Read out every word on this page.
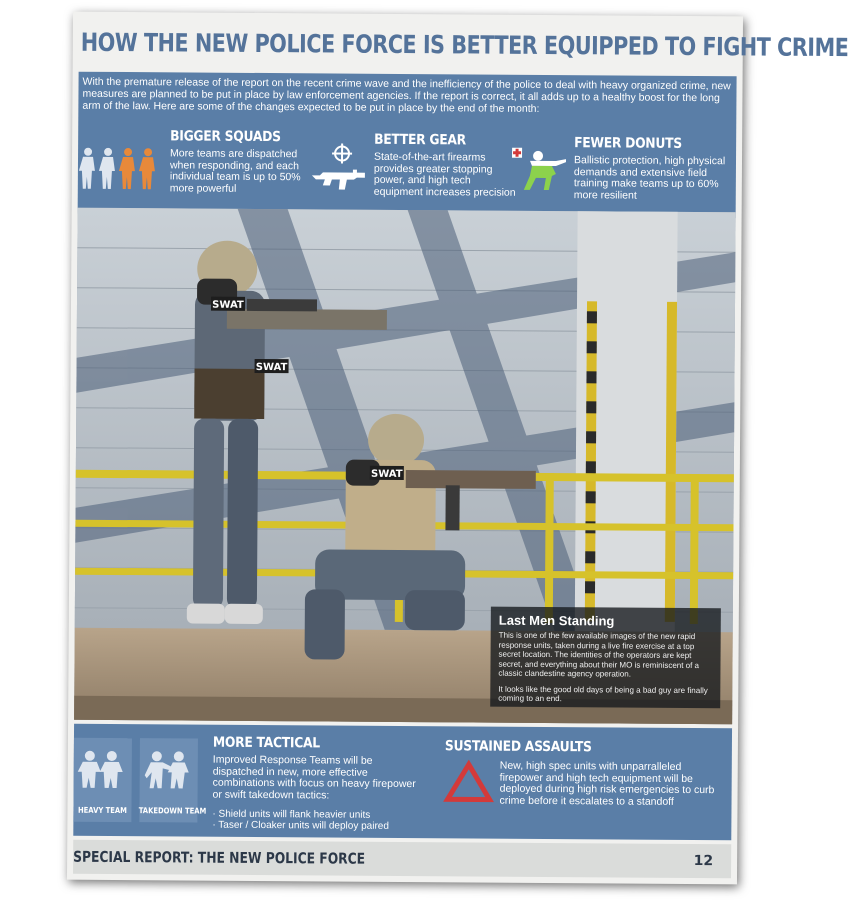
HOW THE NEW POLICE FORCE IS BETTER EQUIPPED TO FIGHT CRIME
With the premature release of the report on the recent crime wave and the inefficiency of the police to deal with heavy organized crime, new measures are planned to be put in place by law enforcement agencies. If the report is correct, it all adds up to a healthy boost for the long arm of the law. Here are some of the changes expected to be put in place by the end of the month:
BIGGER SQUADS

More teams are dispatched when responding, and each individual team is up to 50% more powerful

BETTER GEAR

State-of-the-art firearms provides greater stopping power, and high tech equipment increases precision

FEWER DONUTS

Ballistic protection, high physical demands and extensive field training make teams up to 60% more resilient

SWAT
SWAT
SWAT
Last Men Standing

This is one of the few available images of the new rapid response units, taken during a live fire exercise at a top secret location. The identities of the operators are kept secret, and everything about their MO is reminiscent of a classic clandestine agency operation.

It looks like the good old days of being a bad guy are finally coming to an end.

HEAVY TEAM	TAKEDOWN TEAM
MORE TACTICAL

Improved Response Teams will be dispatched in new, more effective combinations with focus on heavy firepower or swift takedown tactics:

· Shield units will flank heavier units
· Taser / Cloaker units will deploy paired
SUSTAINED ASSAULTS

New, high spec units with unparralleled firepower and high tech equipment will be deployed during high risk emergencies to curb crime before it escalates to a standoff

SPECIAL REPORT: THE NEW POLICE FORCE	12
